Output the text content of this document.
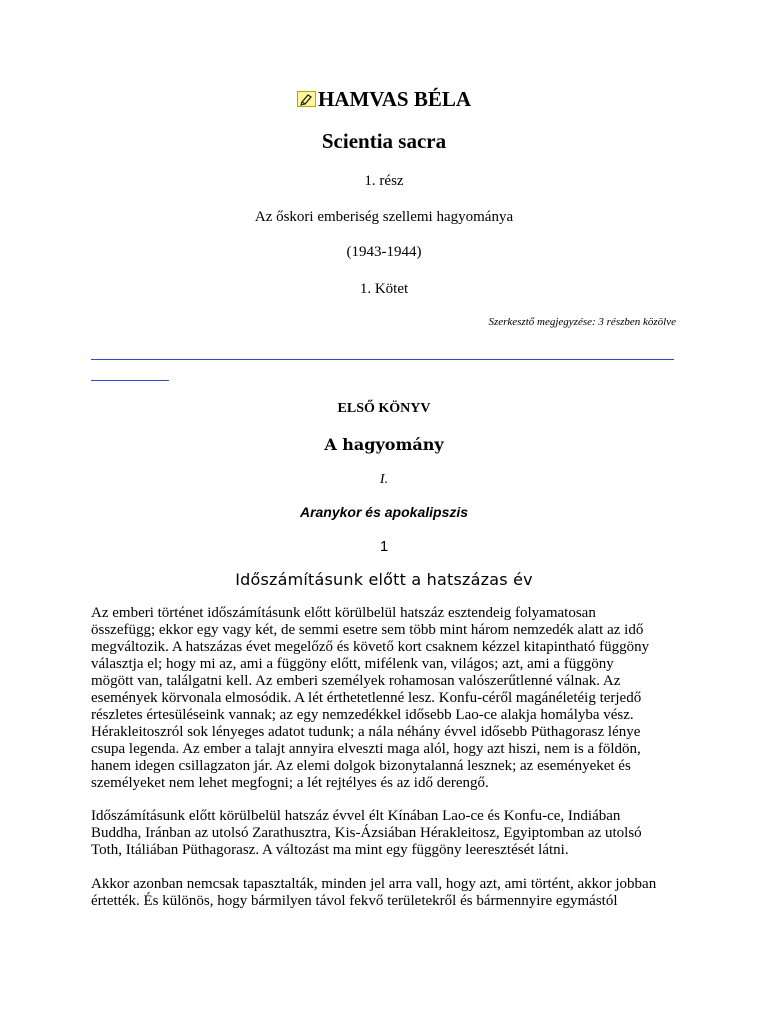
HAMVAS BÉLA
Scientia sacra
1. rész
Az őskori emberiség szellemi hagyománya
(1943-1944)
1. Kötet
Szerkesztő megjegyzése: 3 részben közölve
ELSŐ KÖNYV
A hagyomány
I.
Aranykor és apokalipszis
1
Időszámításunk előtt a hatszázas év

Az emberi történet időszámításunk előtt körülbelül hatszáz esztendeig folyamatosan

összefügg; ekkor egy vagy két, de semmi esetre sem több mint három nemzedék alatt az idő

megváltozik. A hatszázas évet megelőző és követő kort csaknem kézzel kitapintható függöny

választja el; hogy mi az, ami a függöny előtt, mifélenk van, világos; azt, ami a függöny

mögött van, találgatni kell. Az emberi személyek rohamosan valószerűtlenné válnak. Az

események körvonala elmosódik. A lét érthetetlenné lesz. Konfu-céről magánéletéig terjedő

részletes értesüléseink vannak; az egy nemzedékkel idősebb Lao-ce alakja homályba vész.

Hérakleitoszról sok lényeges adatot tudunk; a nála néhány évvel idősebb Püthagorasz lénye

csupa legenda. Az ember a talajt annyira elveszti maga alól, hogy azt hiszi, nem is a földön,

hanem idegen csillagzaton jár. Az elemi dolgok bizonytalanná lesznek; az eseményeket és

személyeket nem lehet megfogni; a lét rejtélyes és az idő derengő.

Időszámításunk előtt körülbelül hatszáz évvel élt Kínában Lao-ce és Konfu-ce, Indiában

Buddha, Iránban az utolsó Zarathusztra, Kis-Ázsiában Hérakleitosz, Egyiptomban az utolsó

Toth, Itáliában Püthagorasz. A változást ma mint egy függöny leeresztését látni.

Akkor azonban nemcsak tapasztalták, minden jel arra vall, hogy azt, ami történt, akkor jobban

értették. És különös, hogy bármilyen távol fekvő területekről és bármennyire egymástól
